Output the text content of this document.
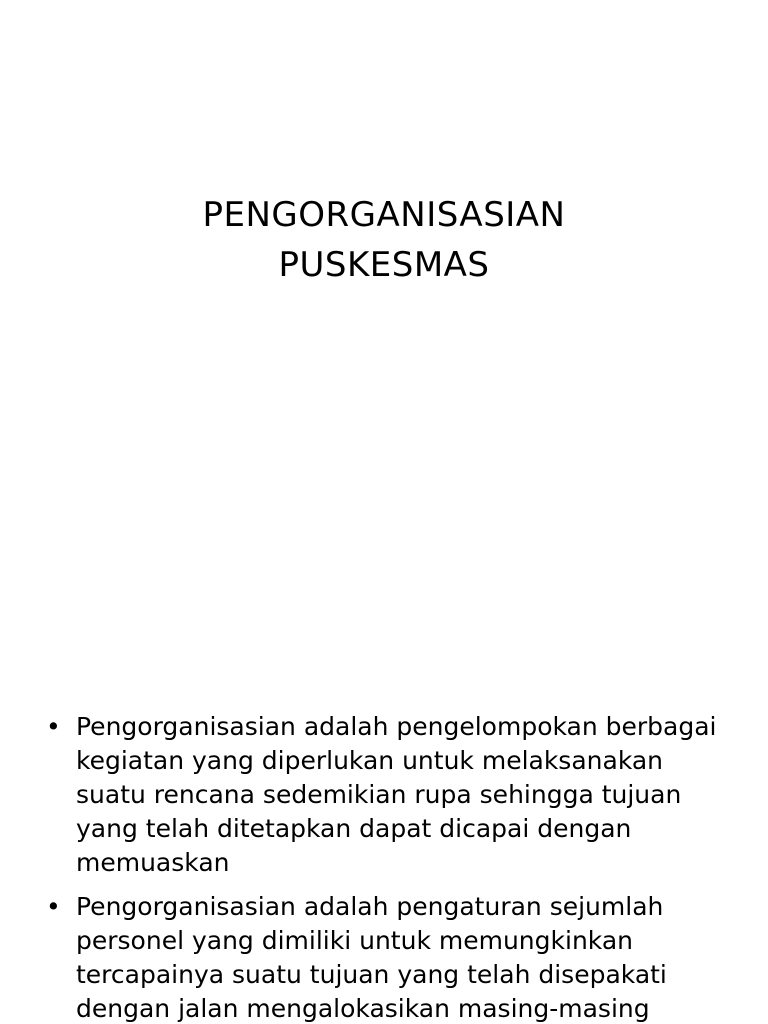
PENGORGANISASIAN
PUSKESMAS
• Pengorganisasian adalah pengelompokan berbagai kegiatan yang diperlukan untuk melaksanakan suatu rencana sedemikian rupa sehingga tujuan yang telah ditetapkan dapat dicapai dengan memuaskan
• Pengorganisasian adalah pengaturan sejumlah personel yang dimiliki untuk memungkinkan tercapainya suatu tujuan yang telah disepakati dengan jalan mengalokasikan masing-masing
